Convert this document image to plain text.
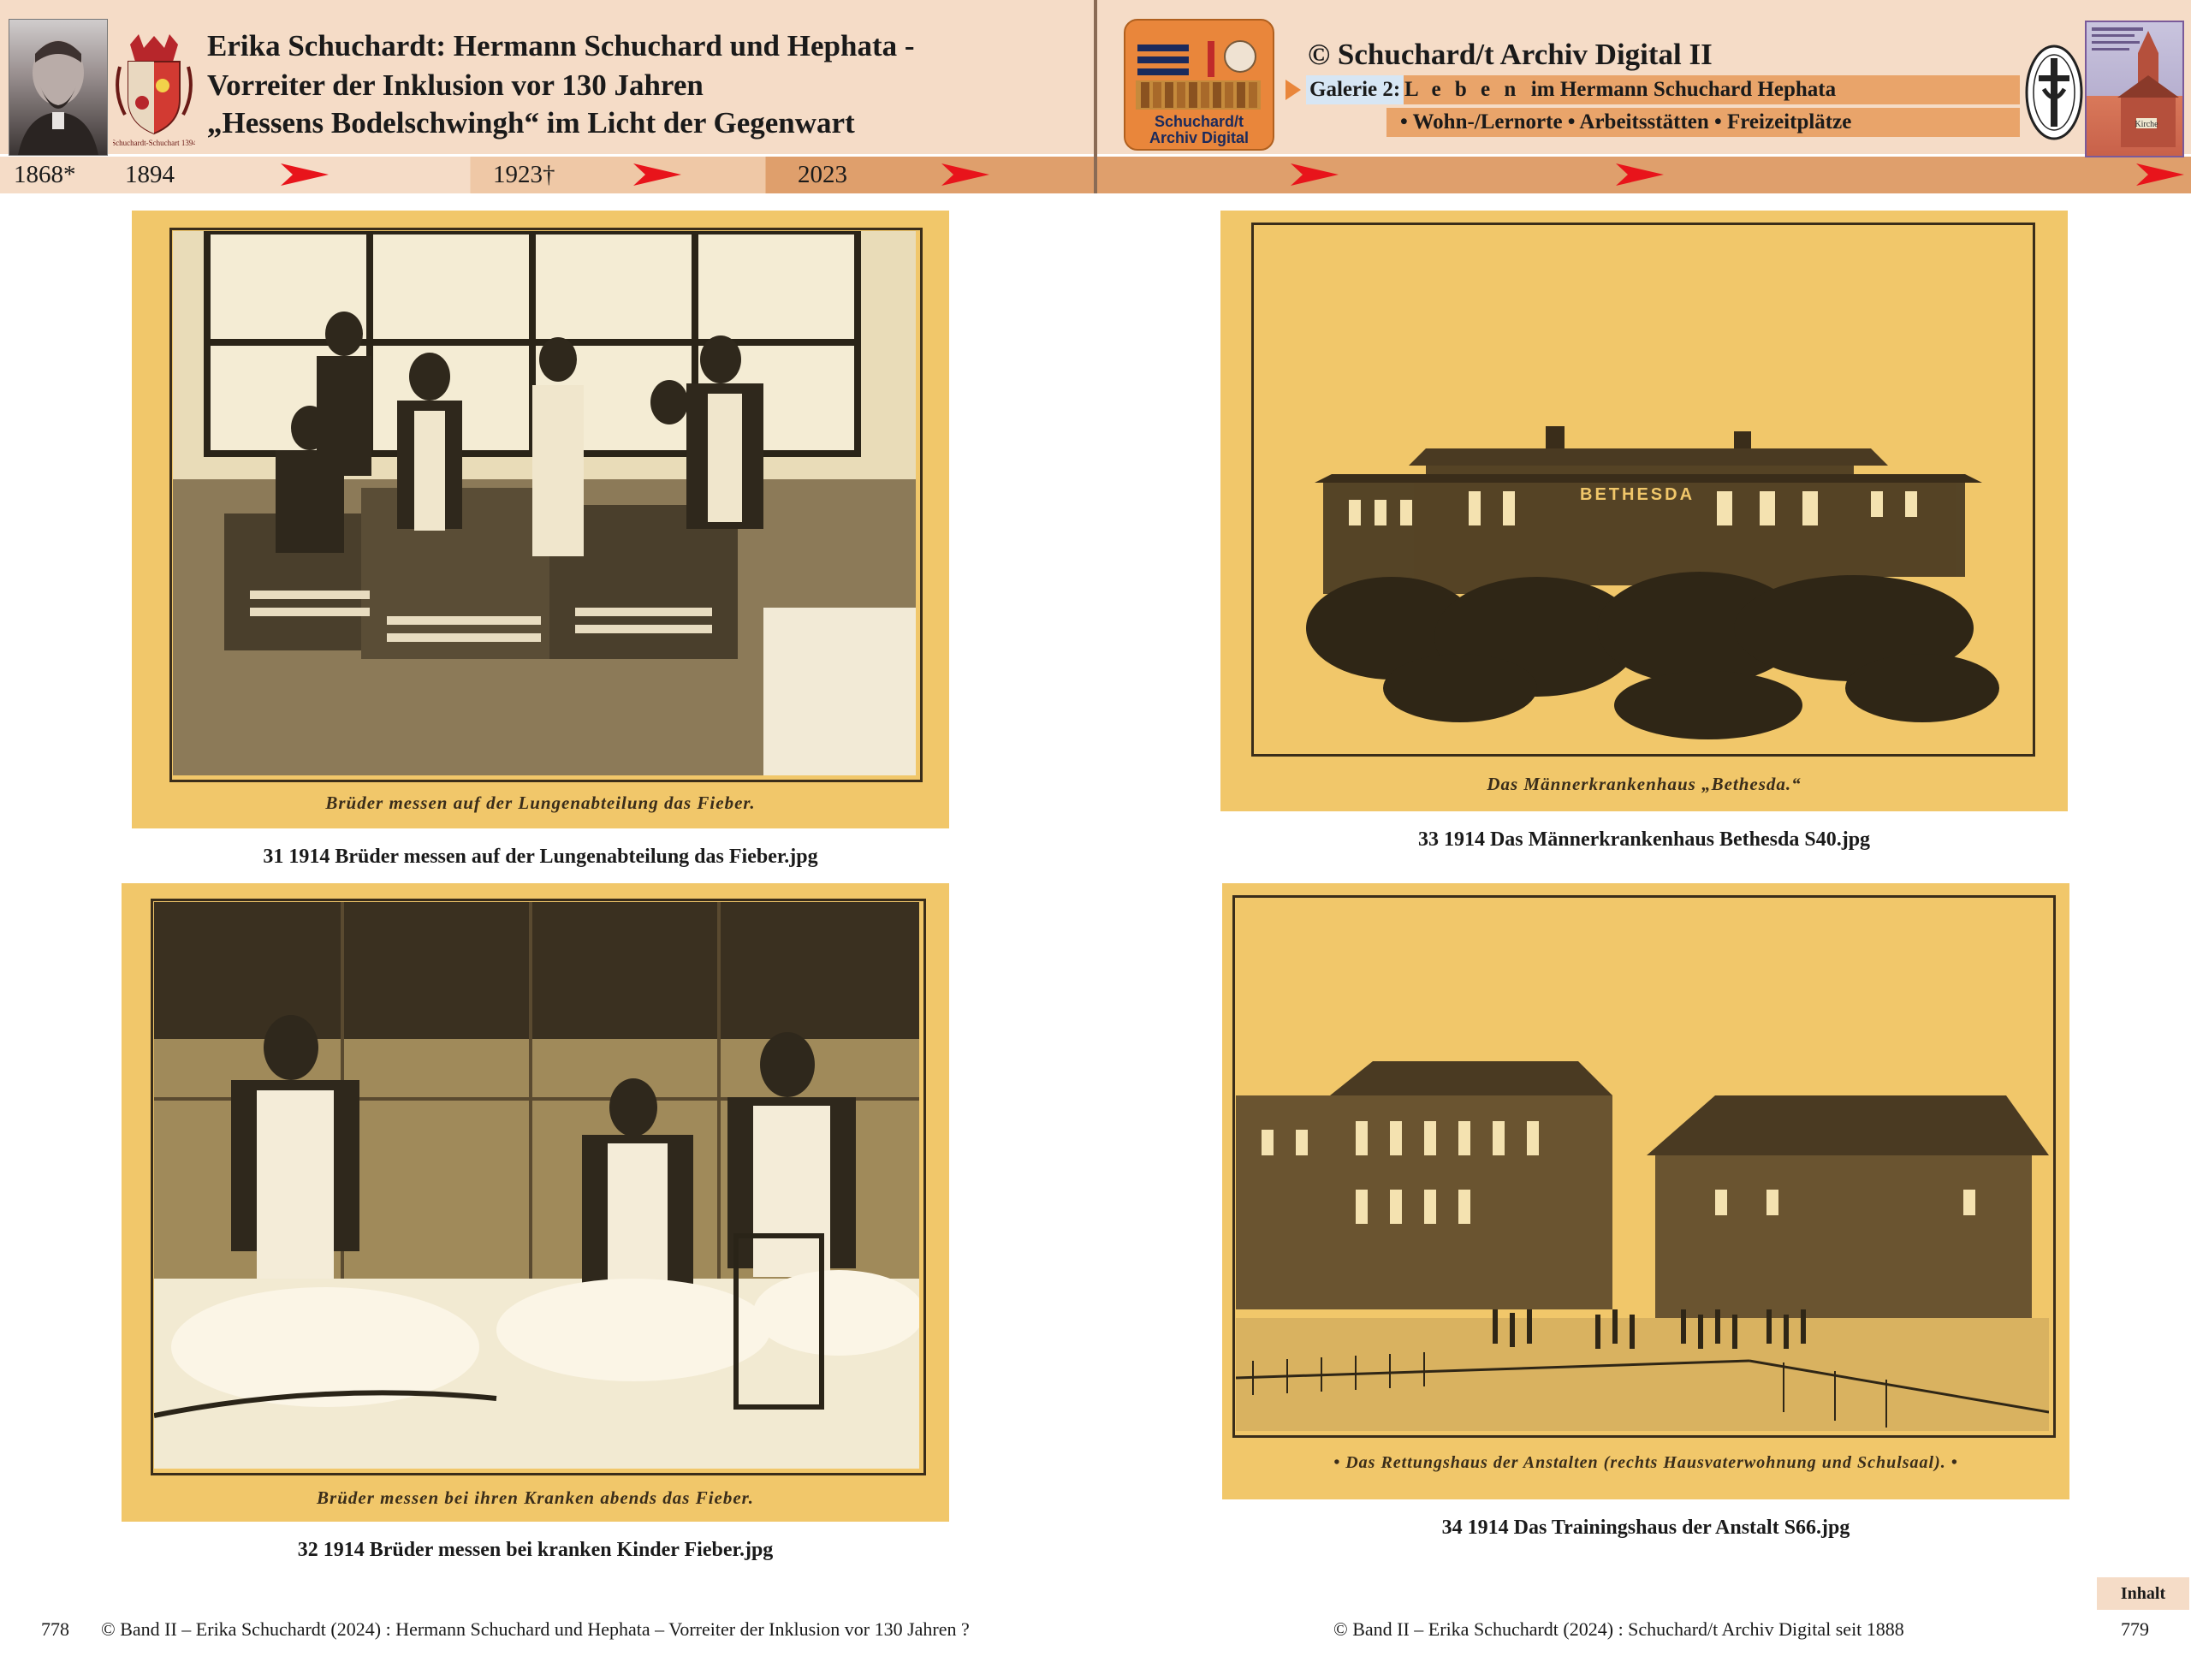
Schuchardt-Schuchart 1394
Erika Schuchardt: Hermann Schuchard und Hephata -
Vorreiter der Inklusion vor 130 Jahren
„Hessens Bodelschwingh“ im Licht der Gegenwart
1868* 1894	1923†	2023
Schuchard/t
Archiv Digital
© Schuchard/t Archiv Digital II
Galerie 2: L e b e n im Hermann Schuchard Hephata
• Wohn-/Lernorte • Arbeitsstätten • Freizeitplätze	Kirche
Brüder messen auf der Lungenabteilung das Fieber.
31 1914 Brüder messen auf der Lungenabteilung das Fieber.jpg
Brüder messen bei ihren Kranken abends das Fieber.
32 1914 Brüder messen bei kranken Kinder Fieber.jpg
BETHESDA
Das Männerkrankenhaus „Bethesda.“
33 1914 Das Männerkrankenhaus Bethesda S40.jpg
• Das Rettungshaus der Anstalten (rechts Hausvaterwohnung und Schulsaal). •
34 1914 Das Trainingshaus der Anstalt S66.jpg
Inhalt
778 © Band II – Erika Schuchardt (2024) : Hermann Schuchard und Hephata – Vorreiter der Inklusion vor 130 Jahren ?	© Band II – Erika Schuchardt (2024) : Schuchard/t Archiv Digital seit 1888	779
